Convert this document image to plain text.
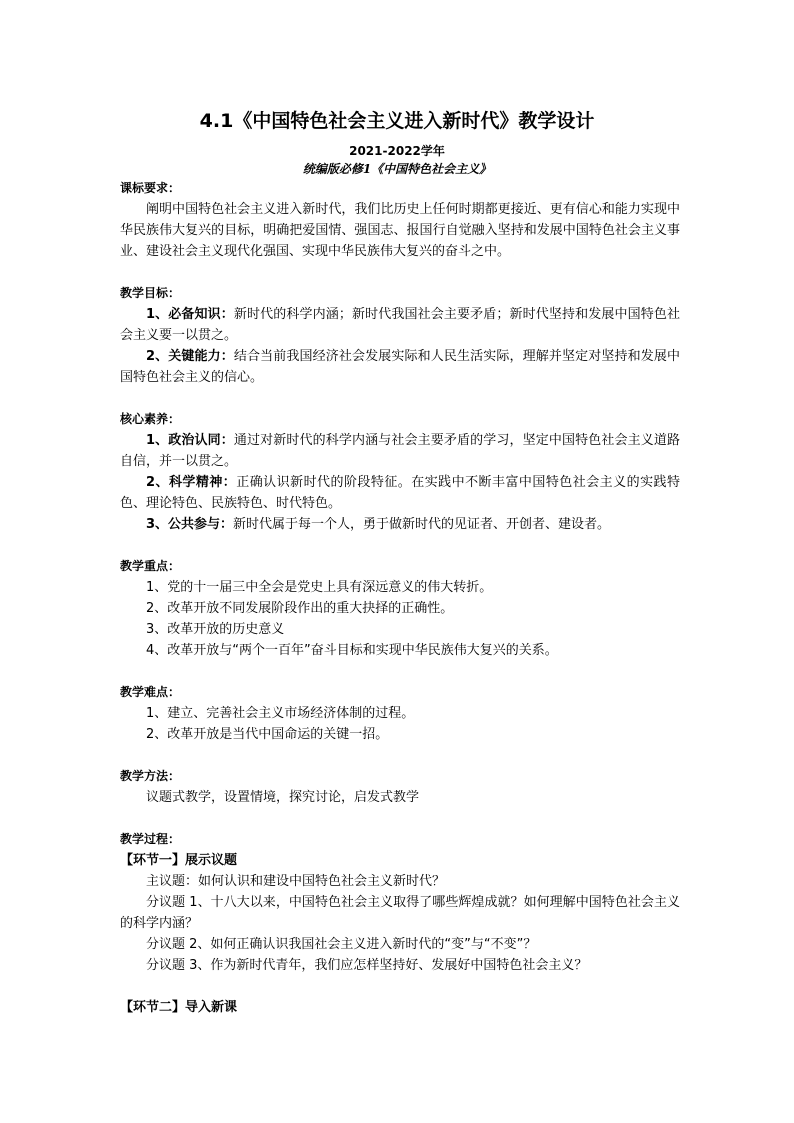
4.1《中国特色社会主义进入新时代》教学设计
2021-2022学年
统编版必修1《中国特色社会主义》
课标要求：

阐明中国特色社会主义进入新时代，我们比历史上任何时期都更接近、更有信心和能力实现中华民族伟大复兴的目标，明确把爱国情、强国志、报国行自觉融入坚持和发展中国特色社会主义事业、建设社会主义现代化强国、实现中华民族伟大复兴的奋斗之中。

教学目标：

1、必备知识：新时代的科学内涵；新时代我国社会主要矛盾；新时代坚持和发展中国特色社会主义要一以贯之。

2、关键能力：结合当前我国经济社会发展实际和人民生活实际，理解并坚定对坚持和发展中国特色社会主义的信心。

核心素养：

1、政治认同：通过对新时代的科学内涵与社会主要矛盾的学习，坚定中国特色社会主义道路自信，并一以贯之。

2、科学精神：正确认识新时代的阶段特征。在实践中不断丰富中国特色社会主义的实践特色、理论特色、民族特色、时代特色。

3、公共参与：新时代属于每一个人，勇于做新时代的见证者、开创者、建设者。

教学重点：

1、党的十一届三中全会是党史上具有深远意义的伟大转折。

2、改革开放不同发展阶段作出的重大抉择的正确性。

3、改革开放的历史意义

4、改革开放与“两个一百年”奋斗目标和实现中华民族伟大复兴的关系。

教学难点：

1、建立、完善社会主义市场经济体制的过程。

2、改革开放是当代中国命运的关键一招。

教学方法：

议题式教学，设置情境，探究讨论，启发式教学

教学过程：
【环节一】展示议题

主议题：如何认识和建设中国特色社会主义新时代？

分议题 1、十八大以来，中国特色社会主义取得了哪些辉煌成就？如何理解中国特色社会主义的科学内涵？

分议题 2、如何正确认识我国社会主义进入新时代的“变”与“不变”？

分议题 3、作为新时代青年，我们应怎样坚持好、发展好中国特色社会主义？

【环节二】导入新课
